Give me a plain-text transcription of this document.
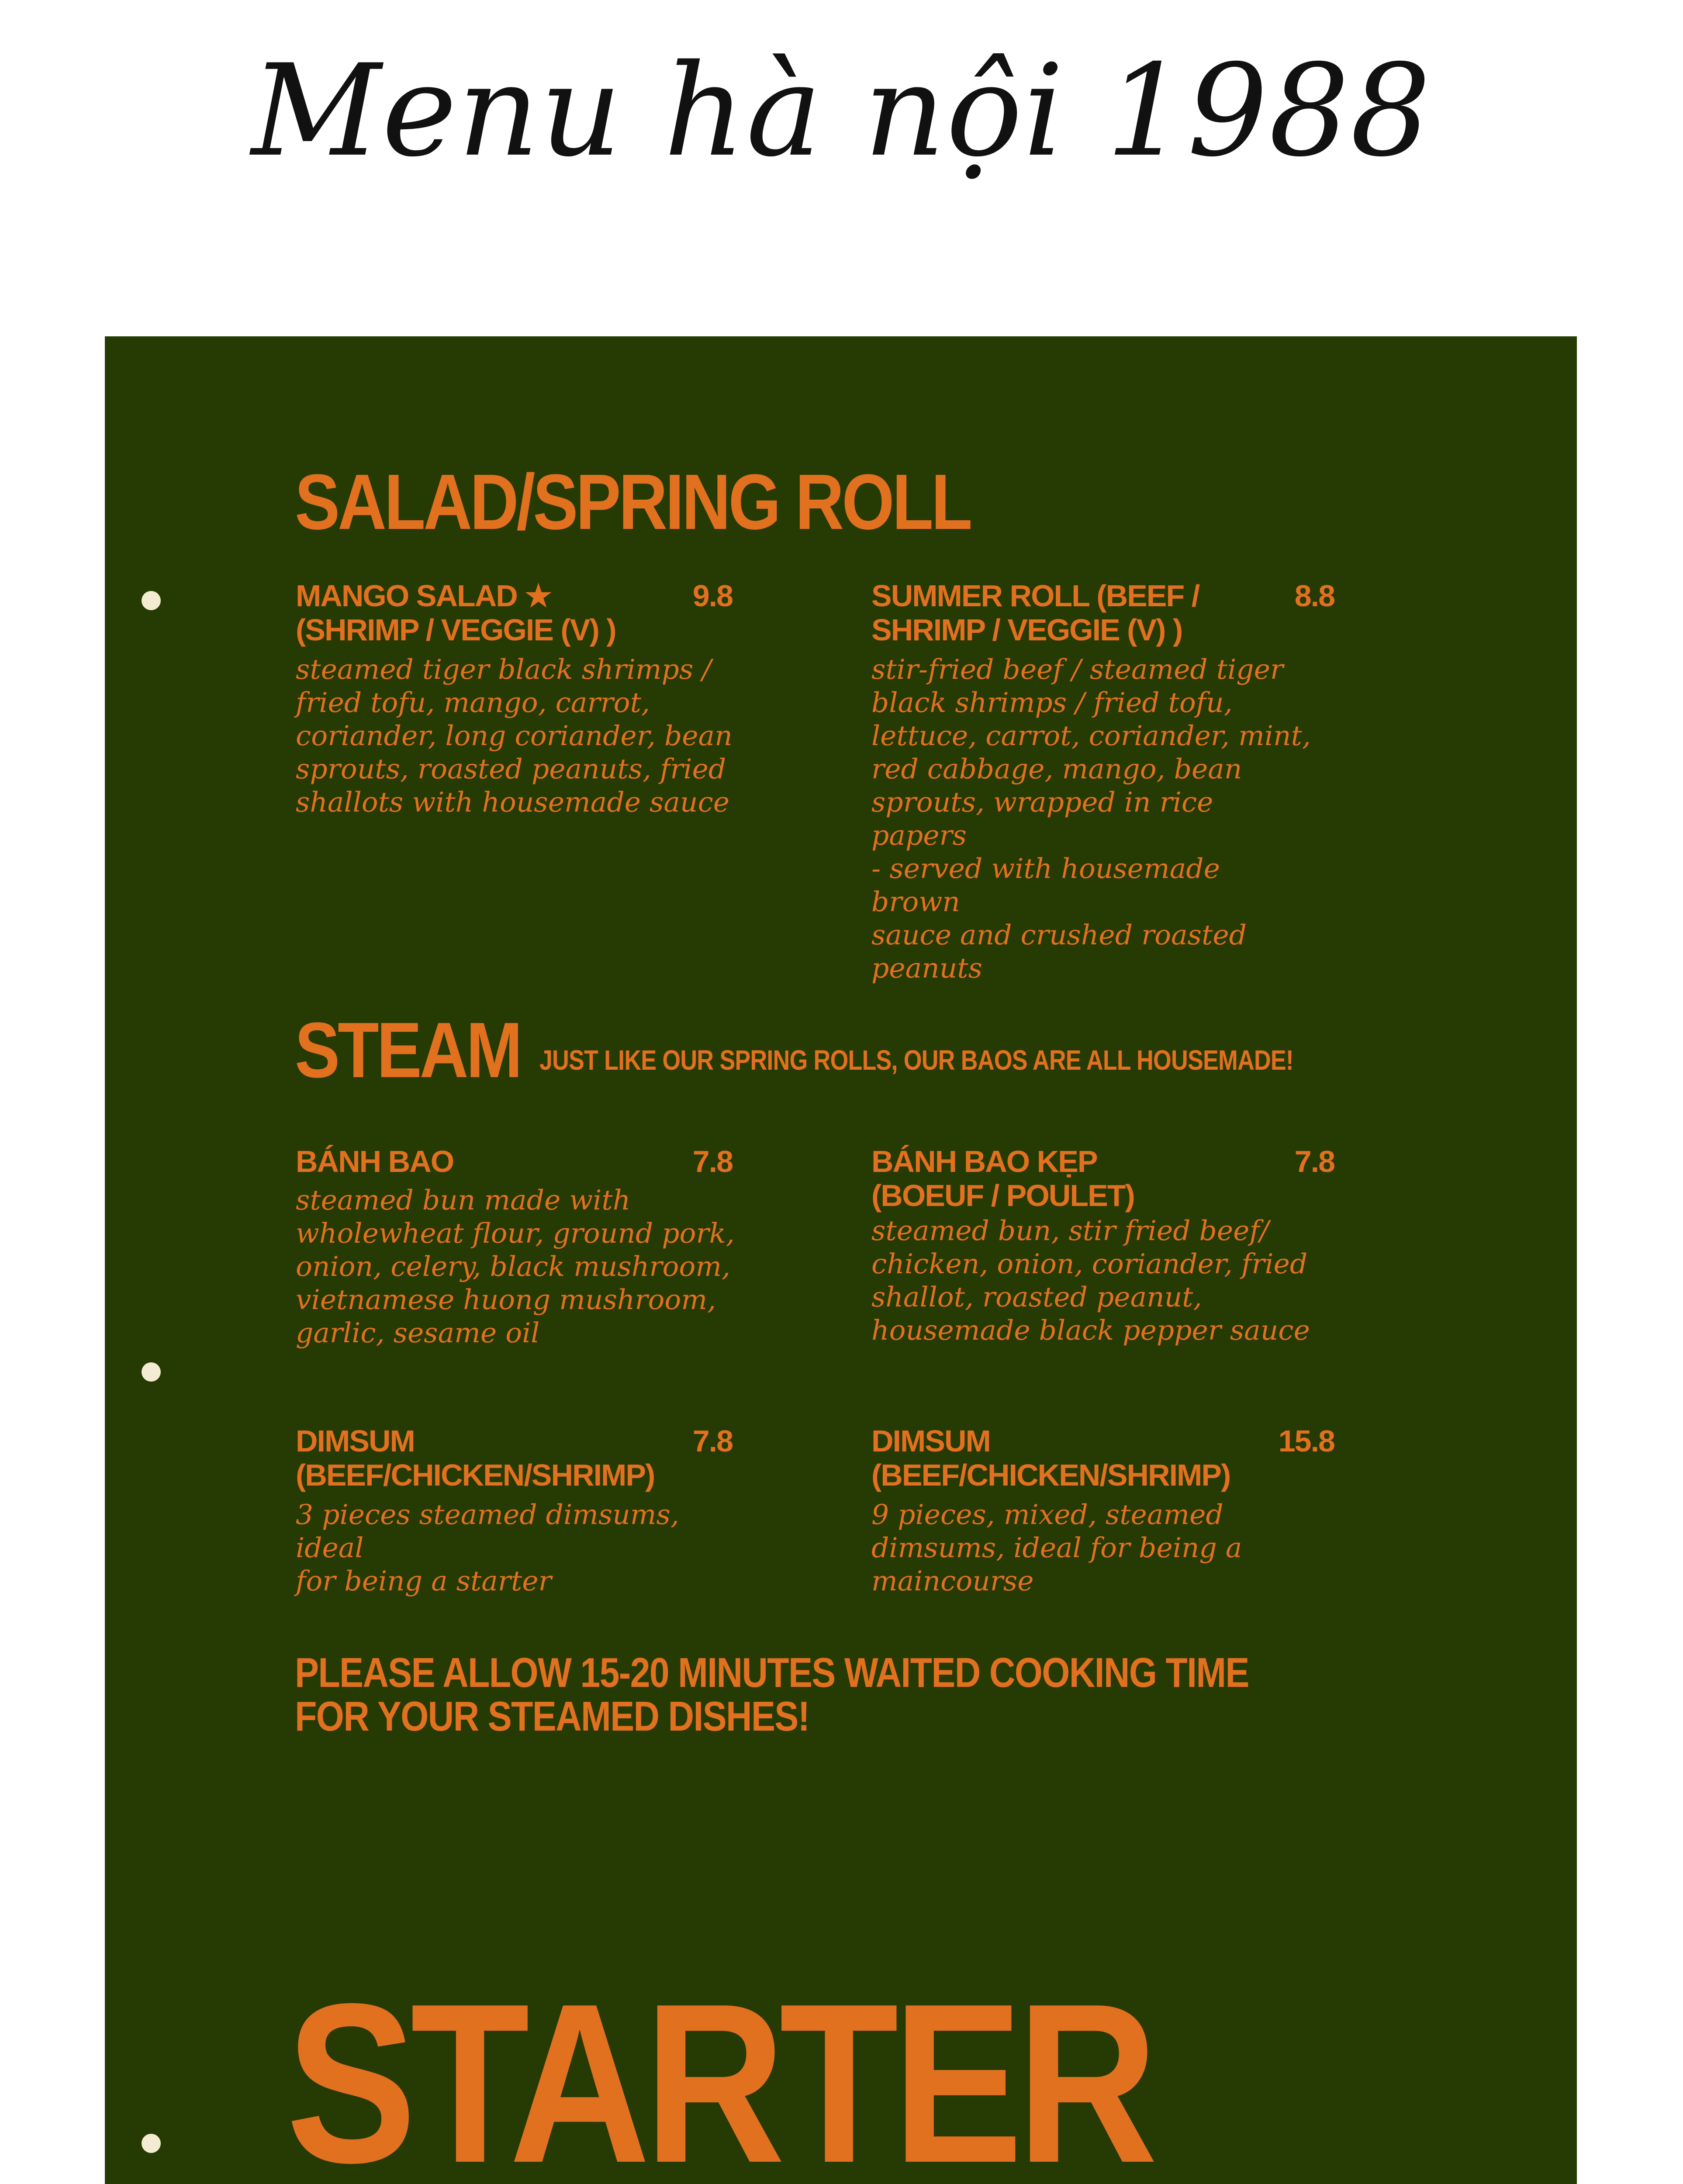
Menu hà nội 1988
SALAD/SPRING ROLL
MANGO SALAD ★
(SHRIMP / VEGGIE (V) )
9.8
steamed tiger black shrimps /
fried tofu, mango, carrot,
coriander, long coriander, bean
sprouts, roasted peanuts, fried
shallots with housemade sauce
SUMMER ROLL (BEEF /
SHRIMP / VEGGIE (V) )
8.8
stir-fried beef / steamed tiger
black shrimps / fried tofu,
lettuce, carrot, coriander, mint,
red cabbage, mango, bean
sprouts, wrapped in rice papers
- served with housemade brown
sauce and crushed roasted
peanuts
STEAM JUST LIKE OUR SPRING ROLLS, OUR BAOS ARE ALL HOUSEMADE!
BÁNH BAO	7.8
steamed bun made with
wholewheat flour, ground pork,
onion, celery, black mushroom,
vietnamese huong mushroom,
garlic, sesame oil
BÁNH BAO KẸP
(BOEUF / POULET)
7.8
steamed bun, stir fried beef/
chicken, onion, coriander, fried
shallot, roasted peanut,
housemade black pepper sauce
DIMSUM
(BEEF/CHICKEN/SHRIMP)
7.8
3 pieces steamed dimsums, ideal
for being a starter
DIMSUM
(BEEF/CHICKEN/SHRIMP)
15.8
9 pieces, mixed, steamed
dimsums, ideal for being a
maincourse
PLEASE ALLOW 15-20 MINUTES WAITED COOKING TIME
FOR YOUR STEAMED DISHES!
STARTER
